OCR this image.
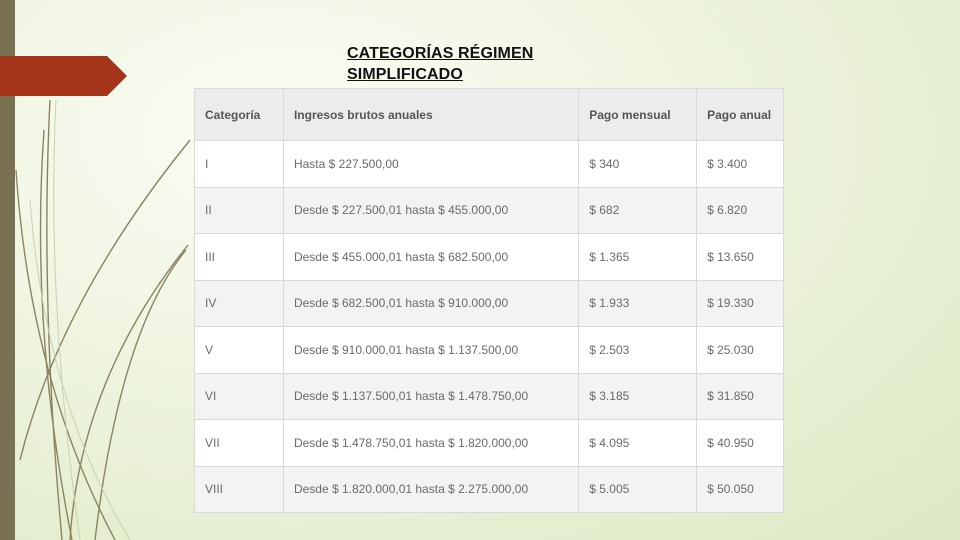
CATEGORÍAS RÉGIMEN
SIMPLIFICADO
Categoría	Ingresos brutos anuales	Pago mensual	Pago anual
I	Hasta $ 227.500,00	$ 340	$ 3.400
II	Desde $ 227.500,01 hasta $ 455.000,00	$ 682	$ 6.820
III	Desde $ 455.000,01 hasta $ 682.500,00	$ 1.365	$ 13.650
IV	Desde $ 682.500,01 hasta $ 910.000,00	$ 1.933	$ 19.330
V	Desde $ 910.000,01 hasta $ 1.137.500,00	$ 2.503	$ 25.030
VI	Desde $ 1.137.500,01 hasta $ 1.478.750,00	$ 3.185	$ 31.850
VII	Desde $ 1.478.750,01 hasta $ 1.820.000,00	$ 4.095	$ 40.950
VIII	Desde $ 1.820.000,01 hasta $ 2.275.000,00	$ 5.005	$ 50.050
